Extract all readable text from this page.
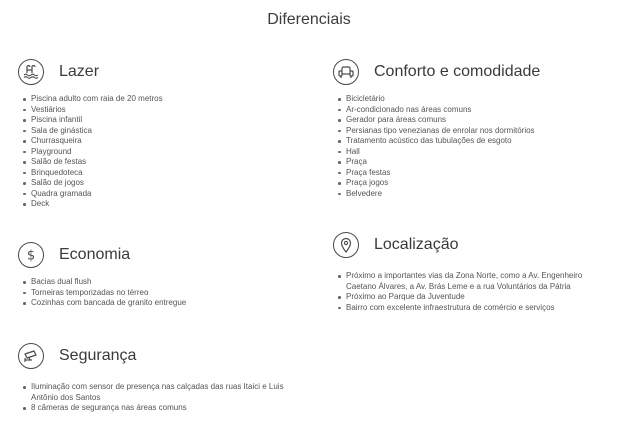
Diferenciais
Lazer
Piscina adulto com raia de 20 metros
Vestiários
Piscina infantil
Sala de ginástica
Churrasqueira
Playground
Salão de festas
Brinquedoteca
Salão de jogos
Quadra gramada
Deck
Conforto e comodidade
Bicicletário
Ar-condicionado nas áreas comuns
Gerador para áreas comuns
Persianas tipo venezianas de enrolar nos dormitórios
Tratamento acústico das tubulações de esgoto
Hall
Praça
Praça festas
Praça jogos
Belvedere
$ Economia
Bacias dual flush
Torneiras temporizadas no térreo
Cozinhas com bancada de granito entregue
Localização
Próximo a importantes vias da Zona Norte, como a Av. Engenheiro Caetano Álvares, a Av. Brás Leme e a rua Voluntários da Pátria
Próximo ao Parque da Juventude
Bairro com excelente infraestrutura de comércio e serviços
Segurança
Iluminação com sensor de presença nas calçadas das ruas Itaici e Luis Antônio dos Santos
8 câmeras de segurança nas áreas comuns
